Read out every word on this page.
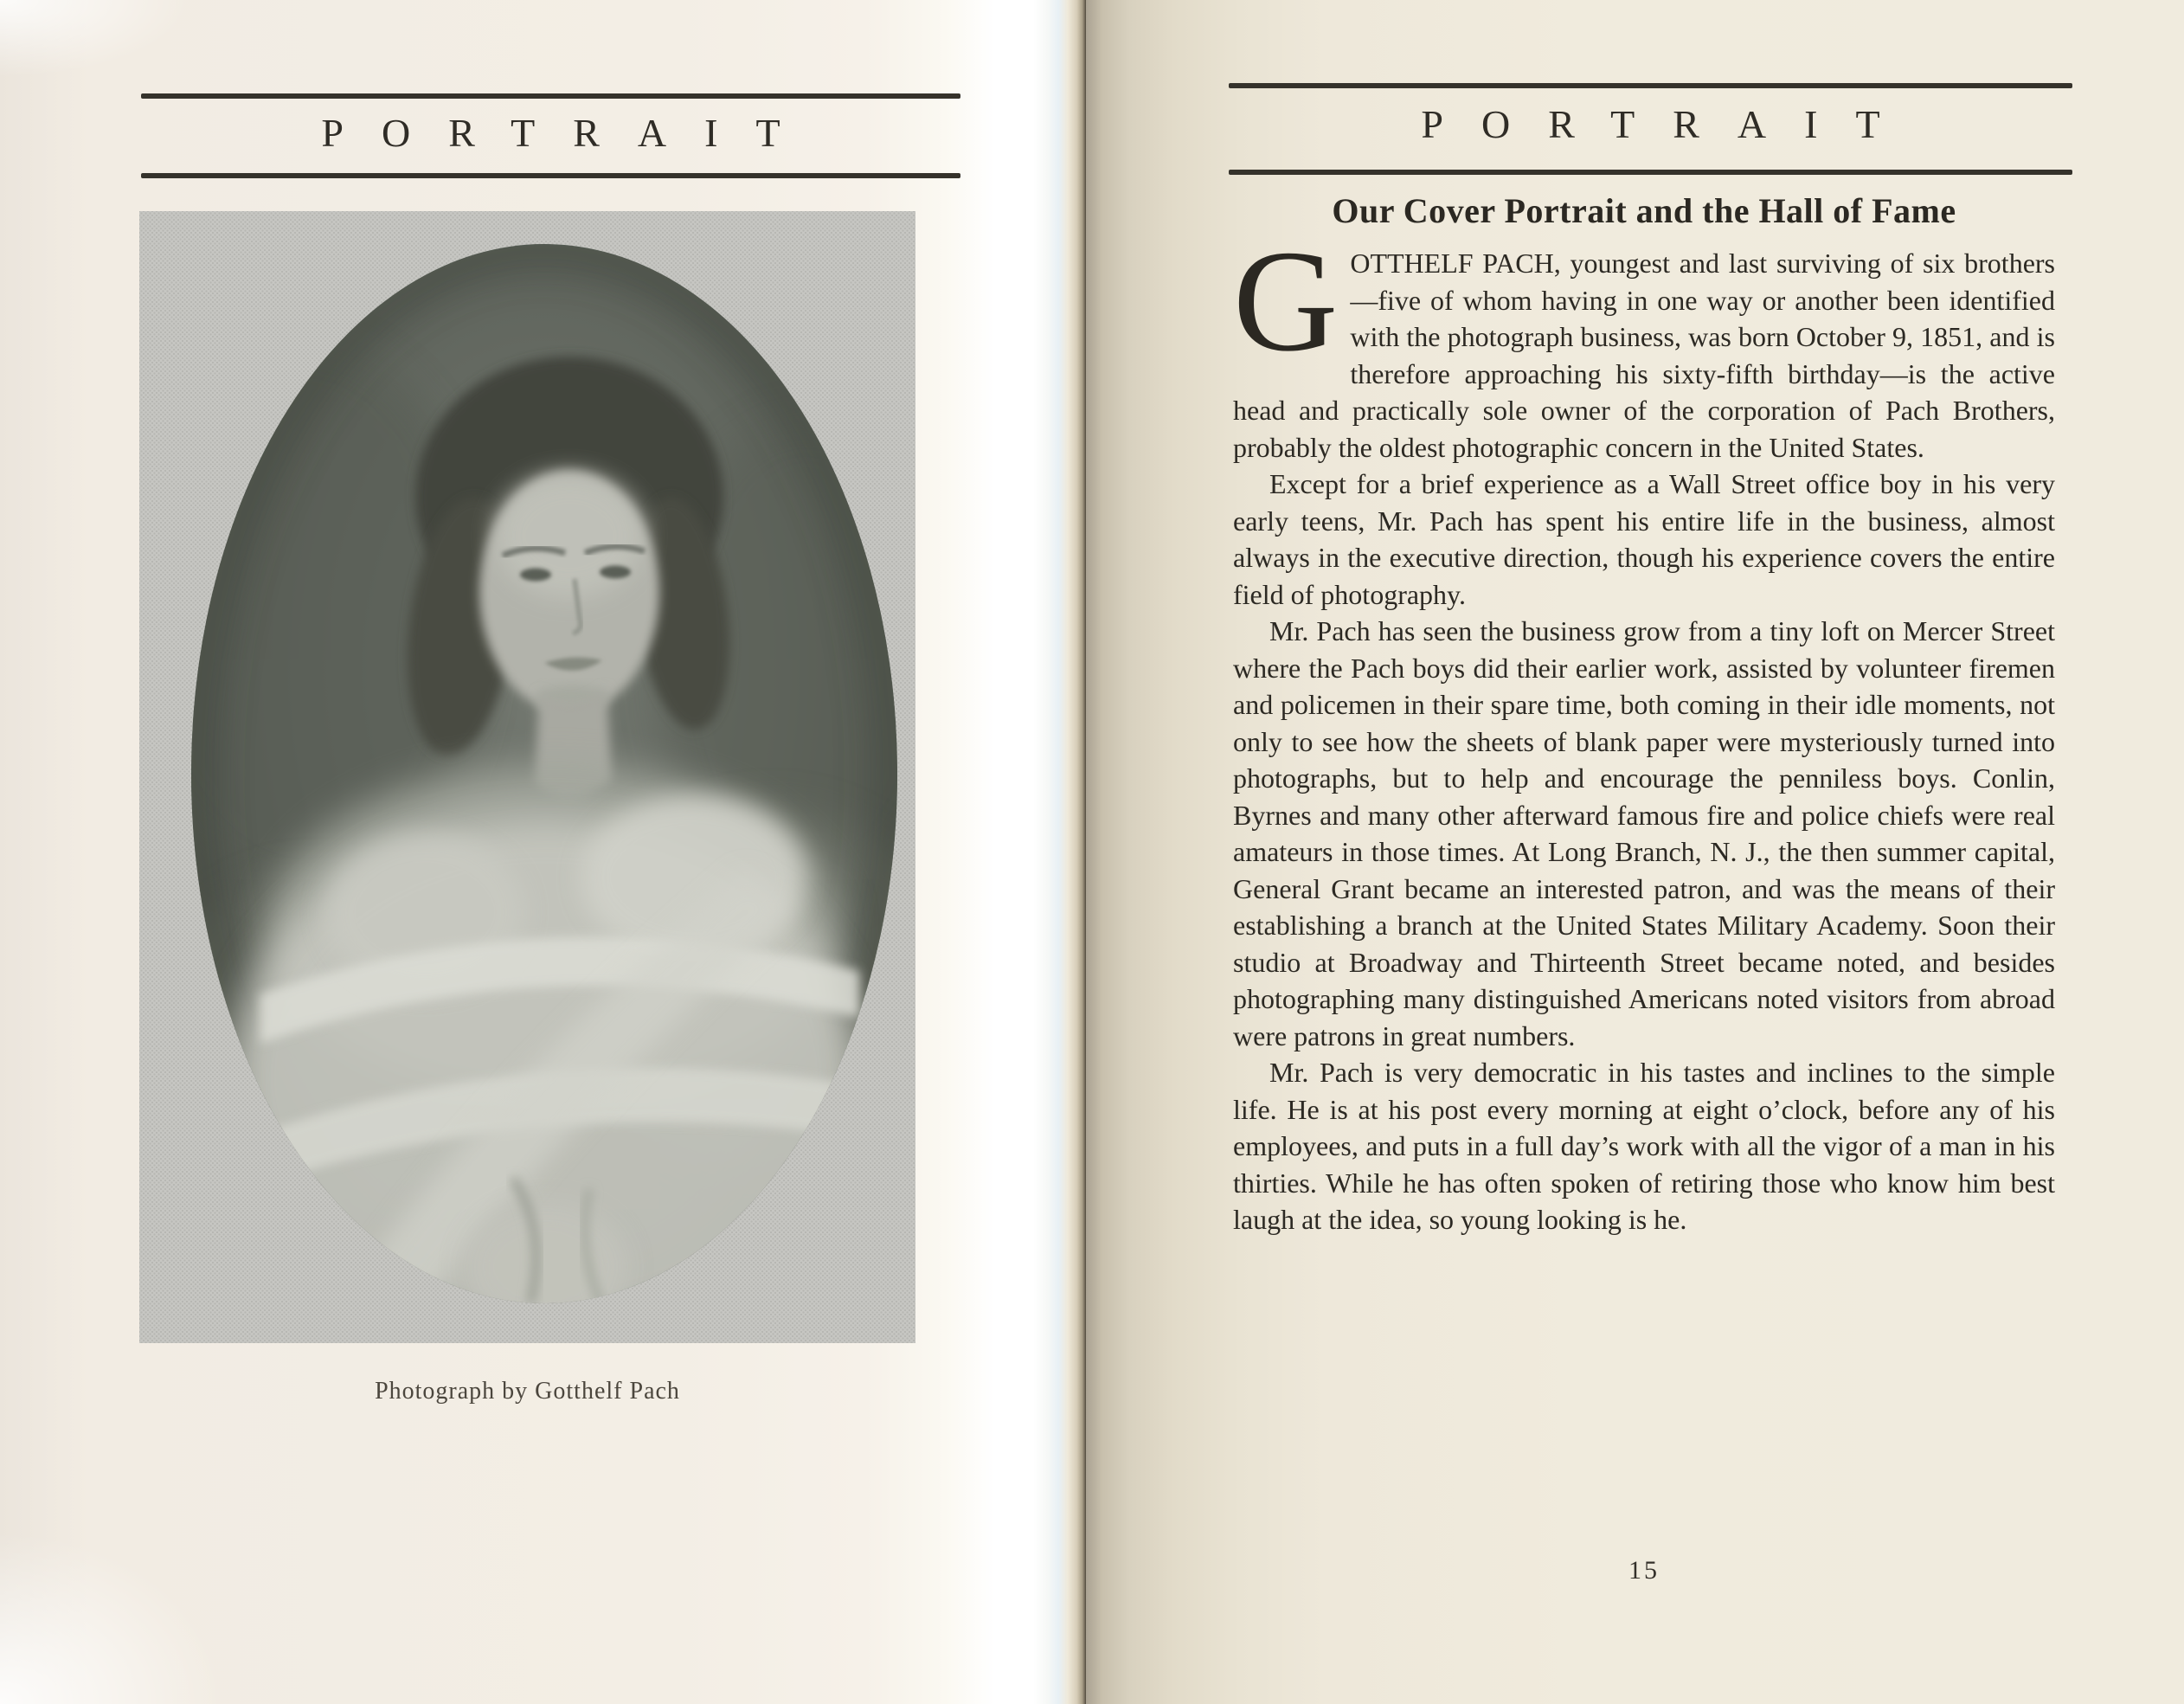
PORTRAIT
Photograph by Gotthelf Pach
PORTRAIT
Our Cover Portrait and the Hall of Fame

GOTTHELF PACH, youngest and last surviving of six brothers—five of whom having in one way or another been identified with the photograph business, was born October 9, 1851, and is therefore approaching his sixty-fifth birthday—is the active head and practically sole owner of the corporation of Pach Brothers, probably the oldest photographic concern in the United States.

Except for a brief experience as a Wall Street office boy in his very early teens, Mr. Pach has spent his entire life in the business, almost always in the executive direction, though his experience covers the entire field of photography.

Mr. Pach has seen the business grow from a tiny loft on Mercer Street where the Pach boys did their earlier work, assisted by volunteer firemen and policemen in their spare time, both coming in their idle moments, not only to see how the sheets of blank paper were mysteriously turned into photographs, but to help and encourage the penniless boys. Conlin, Byrnes and many other afterward famous fire and police chiefs were real amateurs in those times. At Long Branch, N. J., the then summer capital, General Grant became an interested patron, and was the means of their establishing a branch at the United States Military Academy. Soon their studio at Broadway and Thirteenth Street became noted, and besides photographing many distinguished Americans noted visitors from abroad were patrons in great numbers.

Mr. Pach is very democratic in his tastes and inclines to the simple life. He is at his post every morning at eight o’clock, before any of his employees, and puts in a full day’s work with all the vigor of a man in his thirties. While he has often spoken of retiring those who know him best laugh at the idea, so young looking is he.

15
